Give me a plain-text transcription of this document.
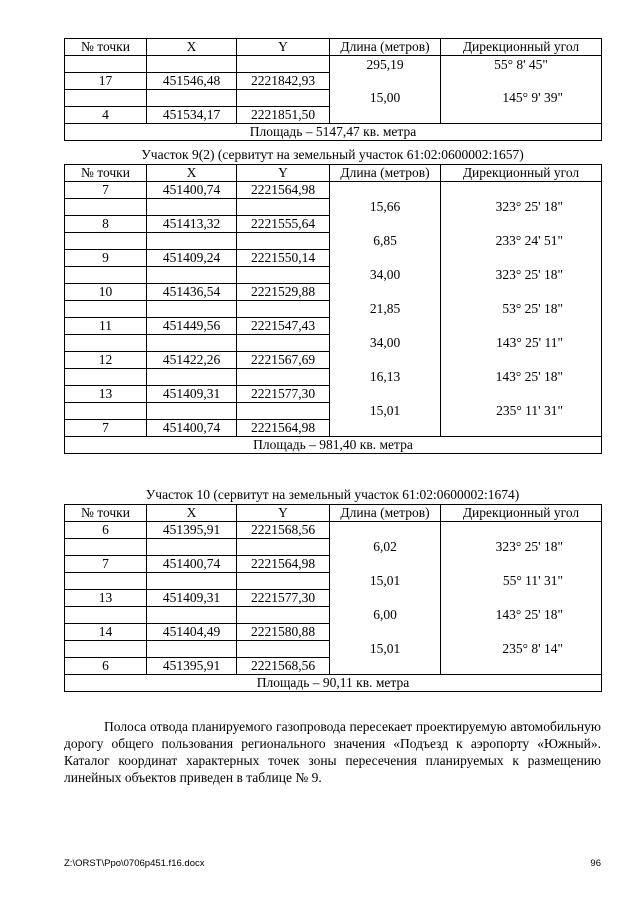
№ точки	X	Y	Длина (метров)	Дирекционный угол
			295,19	55° 8' 45"
17	451546,48	2221842,93		
			15,00	145° 9' 39"
4	451534,17	2221851,50		
Площадь – 5147,47 кв. метра				
Участок 9(2) (сервитут на земельный участок 61:02:0600002:1657)
№ точки	X	Y	Длина (метров)	Дирекционный угол
7	451400,74	2221564,98		
			15,66	323° 25' 18"
8	451413,32	2221555,64		
			6,85	233° 24' 51"
9	451409,24	2221550,14		
			34,00	323° 25' 18"
10	451436,54	2221529,88		
			21,85	53° 25' 18"
11	451449,56	2221547,43		
			34,00	143° 25' 11"
12	451422,26	2221567,69		
			16,13	143° 25' 18"
13	451409,31	2221577,30		
			15,01	235° 11' 31"
7	451400,74	2221564,98		
Площадь – 981,40 кв. метра				
Участок 10 (сервитут на земельный участок 61:02:0600002:1674)
№ точки	X	Y	Длина (метров)	Дирекционный угол
6	451395,91	2221568,56		
			6,02	323° 25' 18"
7	451400,74	2221564,98		
			15,01	55° 11' 31"
13	451409,31	2221577,30		
			6,00	143° 25' 18"
14	451404,49	2221580,88		
			15,01	235° 8' 14"
6	451395,91	2221568,56		
Площадь – 90,11 кв. метра				

Полоса отвода планируемого газопровода пересекает проектируемую автомобильную дорогу общего пользования регионального значения «Подъезд к аэропорту «Южный». Каталог координат характерных точек зоны пересечения планируемых к размещению линейных объектов приведен в таблице № 9.

Z:\ORST\Ppo\0706p451.f16.docx	96
